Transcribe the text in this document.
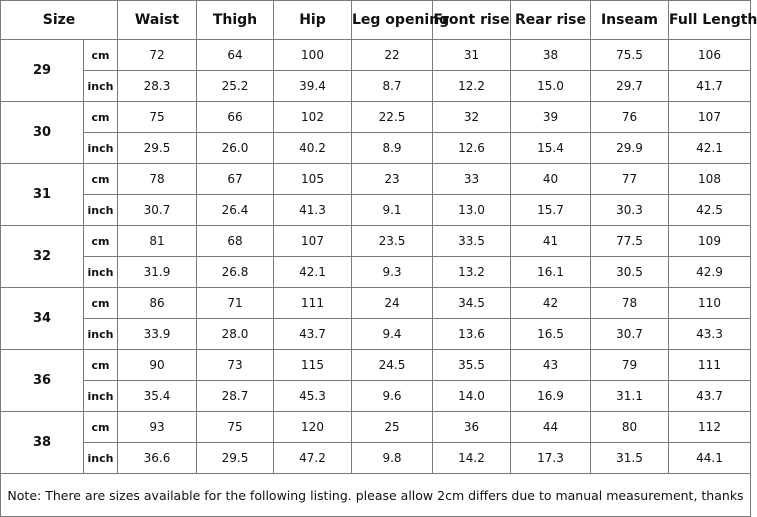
Size		Waist	Thigh	Hip	Leg opening	Front rise	Rear rise	Inseam	Full Length
29	cm	72	64	100	22	31	38	75.5	106
	inch	28.3	25.2	39.4	8.7	12.2	15.0	29.7	41.7
30	cm	75	66	102	22.5	32	39	76	107
	inch	29.5	26.0	40.2	8.9	12.6	15.4	29.9	42.1
31	cm	78	67	105	23	33	40	77	108
	inch	30.7	26.4	41.3	9.1	13.0	15.7	30.3	42.5
32	cm	81	68	107	23.5	33.5	41	77.5	109
	inch	31.9	26.8	42.1	9.3	13.2	16.1	30.5	42.9
34	cm	86	71	111	24	34.5	42	78	110
	inch	33.9	28.0	43.7	9.4	13.6	16.5	30.7	43.3
36	cm	90	73	115	24.5	35.5	43	79	111
	inch	35.4	28.7	45.3	9.6	14.0	16.9	31.1	43.7
38	cm	93	75	120	25	36	44	80	112
	inch	36.6	29.5	47.2	9.8	14.2	17.3	31.5	44.1
Note: There are sizes available for the following listing. please allow 2cm differs due to manual measurement, thanks									
